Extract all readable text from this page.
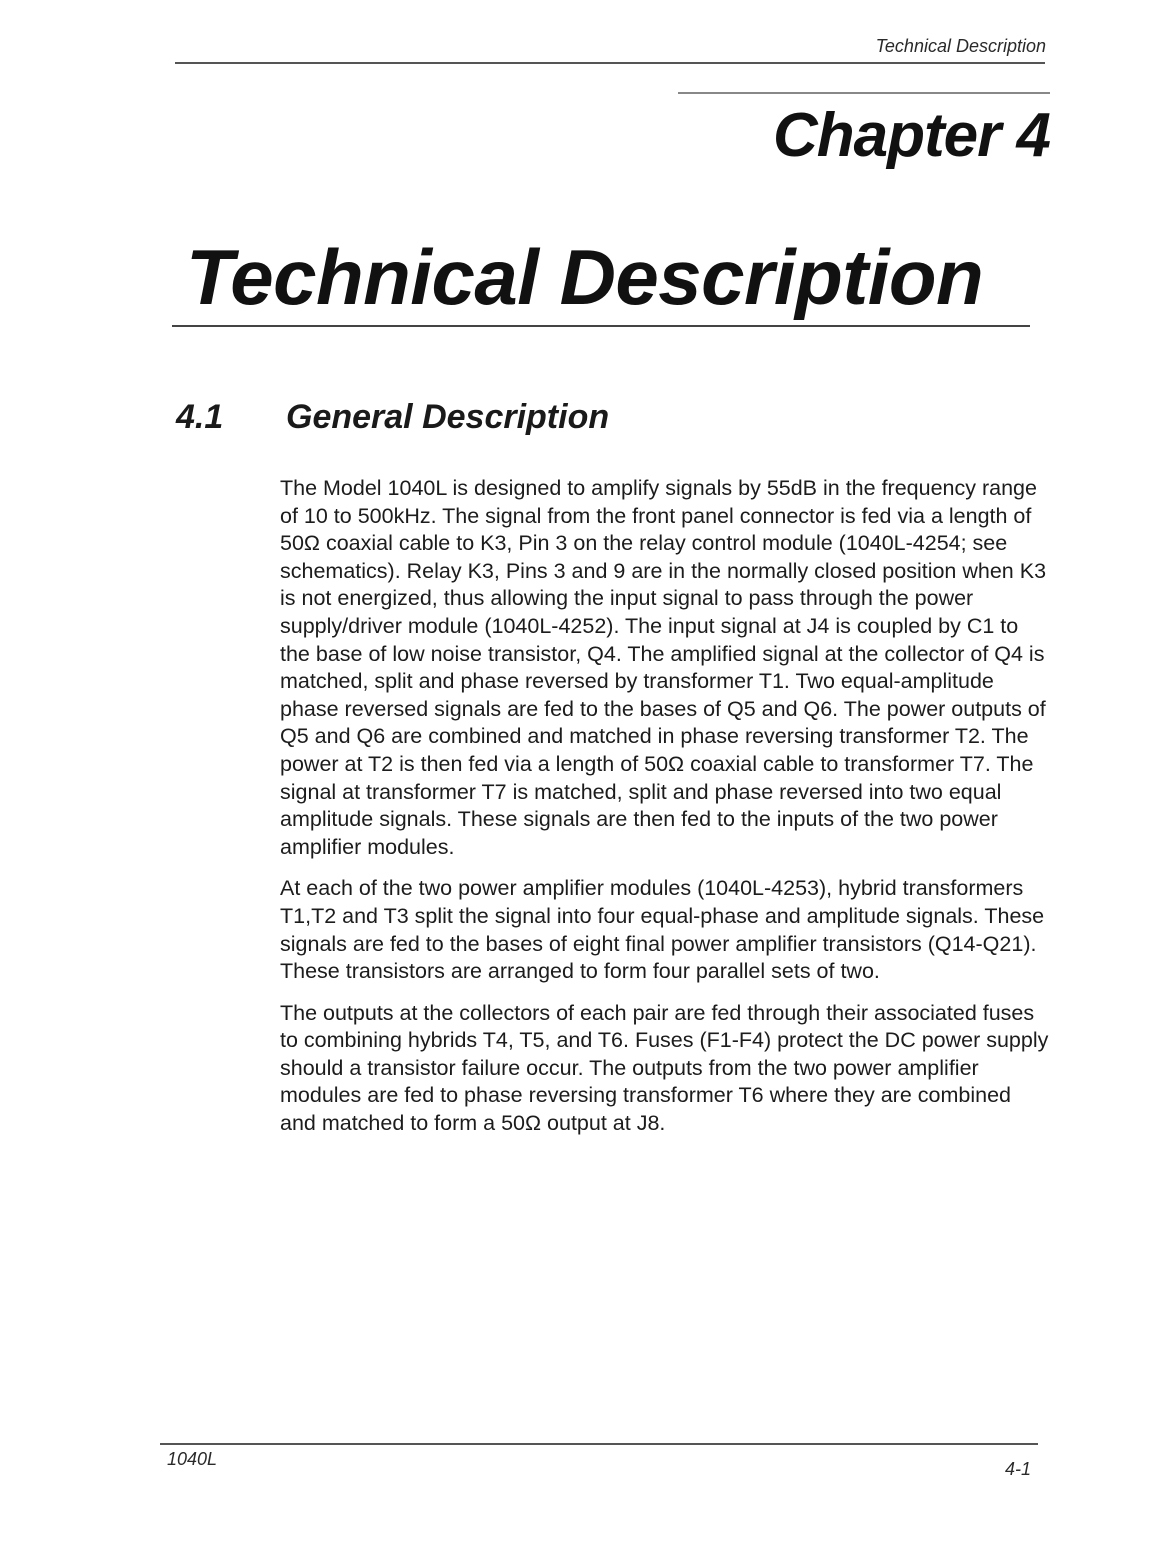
Technical Description
Chapter 4
Technical Description
4.1 General Description

The Model 1040L is designed to amplify signals by 55dB in the frequency range of 10 to 500kHz. The signal from the front panel connector is fed via a length of 50Ω coaxial cable to K3, Pin 3 on the relay control module (1040L-4254; see schematics). Relay K3, Pins 3 and 9 are in the normally closed position when K3 is not energized, thus allowing the input signal to pass through the power supply/driver module (1040L-4252). The input signal at J4 is coupled by C1 to the base of low noise transistor, Q4. The amplified signal at the collector of Q4 is matched, split and phase reversed by transformer T1. Two equal-amplitude phase reversed signals are fed to the bases of Q5 and Q6. The power outputs of Q5 and Q6 are combined and matched in phase reversing transformer T2. The power at T2 is then fed via a length of 50Ω coaxial cable to transformer T7. The signal at transformer T7 is matched, split and phase reversed into two equal amplitude signals. These signals are then fed to the inputs of the two power amplifier modules.

At each of the two power amplifier modules (1040L-4253), hybrid transformers T1,T2 and T3 split the signal into four equal-phase and amplitude signals. These signals are fed to the bases of eight final power amplifier transistors (Q14-Q21). These transistors are arranged to form four parallel sets of two.

The outputs at the collectors of each pair are fed through their associated fuses to combining hybrids T4, T5, and T6. Fuses (F1-F4) protect the DC power supply should a transistor failure occur. The outputs from the two power amplifier modules are fed to phase reversing transformer T6 where they are combined and matched to form a 50Ω output at J8.

1040L	4-1
